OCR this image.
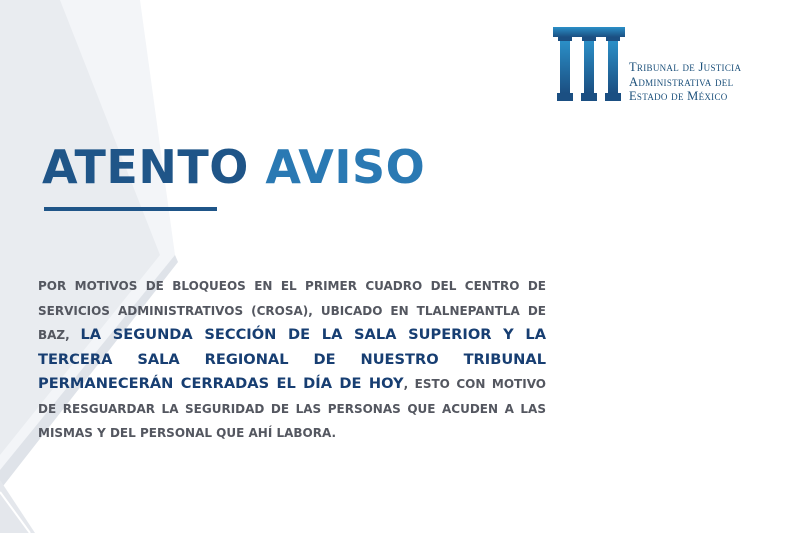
Tribunal de Justicia
Administrativa del
Estado de México
ATENTO AVISO

POR MOTIVOS DE BLOQUEOS EN EL PRIMER CUADRO DEL CENTRO DE SERVICIOS ADMINISTRATIVOS (CROSA), UBICADO EN TLALNEPANTLA DE BAZ, LA SEGUNDA SECCIÓN DE LA SALA SUPERIOR Y LA TERCERA SALA REGIONAL DE NUESTRO TRIBUNAL PERMANECERÁN CERRADAS EL DÍA DE HOY, ESTO CON MOTIVO DE RESGUARDAR LA SEGURIDAD DE LAS PERSONAS QUE ACUDEN A LAS MISMAS Y DEL PERSONAL QUE AHÍ LABORA.
